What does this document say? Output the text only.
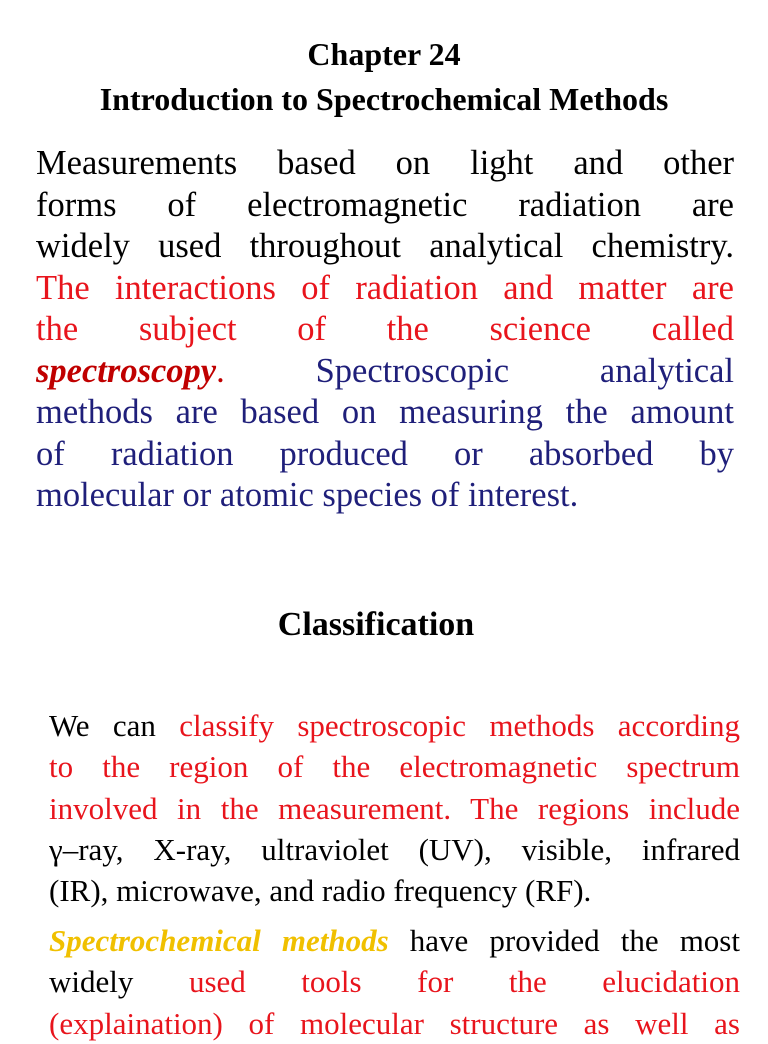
Chapter 24
Introduction to Spectrochemical Methods
Measurements based on light and other
forms of electromagnetic radiation are
widely used throughout analytical chemistry.
The interactions of radiation and matter are
the subject of the science called
spectroscopy.	Spectroscopic analytical
methods are based on measuring the amount
of radiation produced or absorbed by
molecular or atomic species of interest.
Classification
We can classify spectroscopic methods according
to the region of the electromagnetic spectrum
involved in the measurement. The regions include
γ–ray, X-ray, ultraviolet (UV), visible, infrared
(IR), microwave, and radio frequency (RF).
Spectrochemical methods have provided the most
widely used tools for the elucidation
(explaination) of molecular structure as well as
